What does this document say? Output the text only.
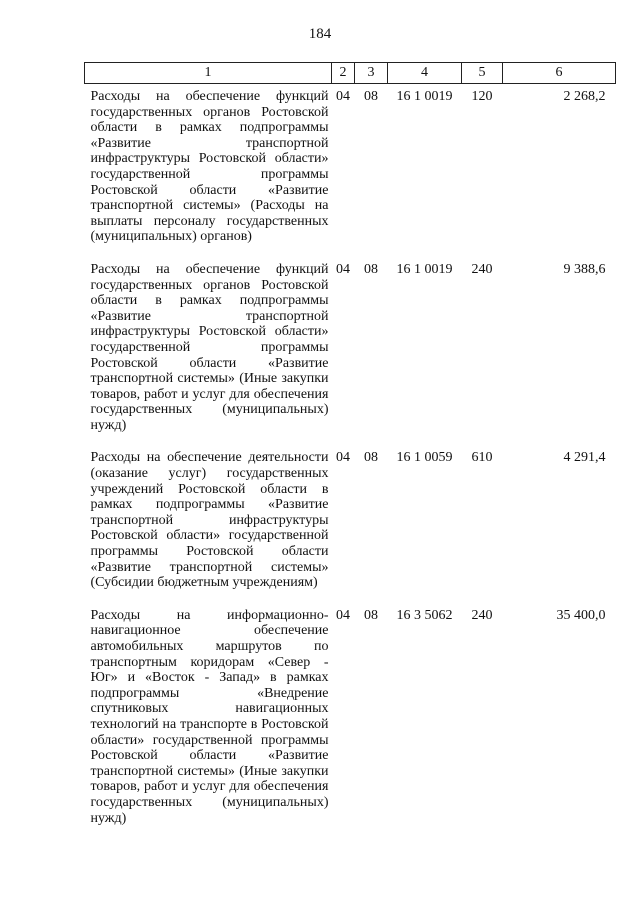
184
1	2	3	4	5	6
Расходы на обеспечение функций государственных органов Ростовской области в рамках подпрограммы «Развитие транспортной инфраструктуры Ростовской области» государственной программы Ростовской области «Развитие транспортной системы» (Расходы на выплаты персоналу государственных (муниципальных) органов)	04	08	16 1 0019	120	2 268,2
Расходы на обеспечение функций государственных органов Ростовской области в рамках подпрограммы «Развитие транспортной инфраструктуры Ростовской области» государственной программы Ростовской области «Развитие транспортной системы» (Иные закупки товаров, работ и услуг для обеспечения государственных (муниципальных) нужд)	04	08	16 1 0019	240	9 388,6
Расходы на обеспечение деятельности (оказание услуг) государственных учреждений Ростовской области в рамках подпрограммы «Развитие транспортной инфраструктуры Ростовской области» государственной программы Ростовской области «Развитие транспортной системы» (Субсидии бюджетным учреждениям)	04	08	16 1 0059	610	4 291,4
Расходы на информационно-навигационное обеспечение автомобильных маршрутов по транспортным коридорам «Север - Юг» и «Восток - Запад» в рамках подпрограммы «Внедрение спутниковых навигационных технологий на транспорте в Ростовской области» государственной программы Ростовской области «Развитие транспортной системы» (Иные закупки товаров, работ и услуг для обеспечения государственных (муниципальных) нужд)	04	08	16 3 5062	240	35 400,0
